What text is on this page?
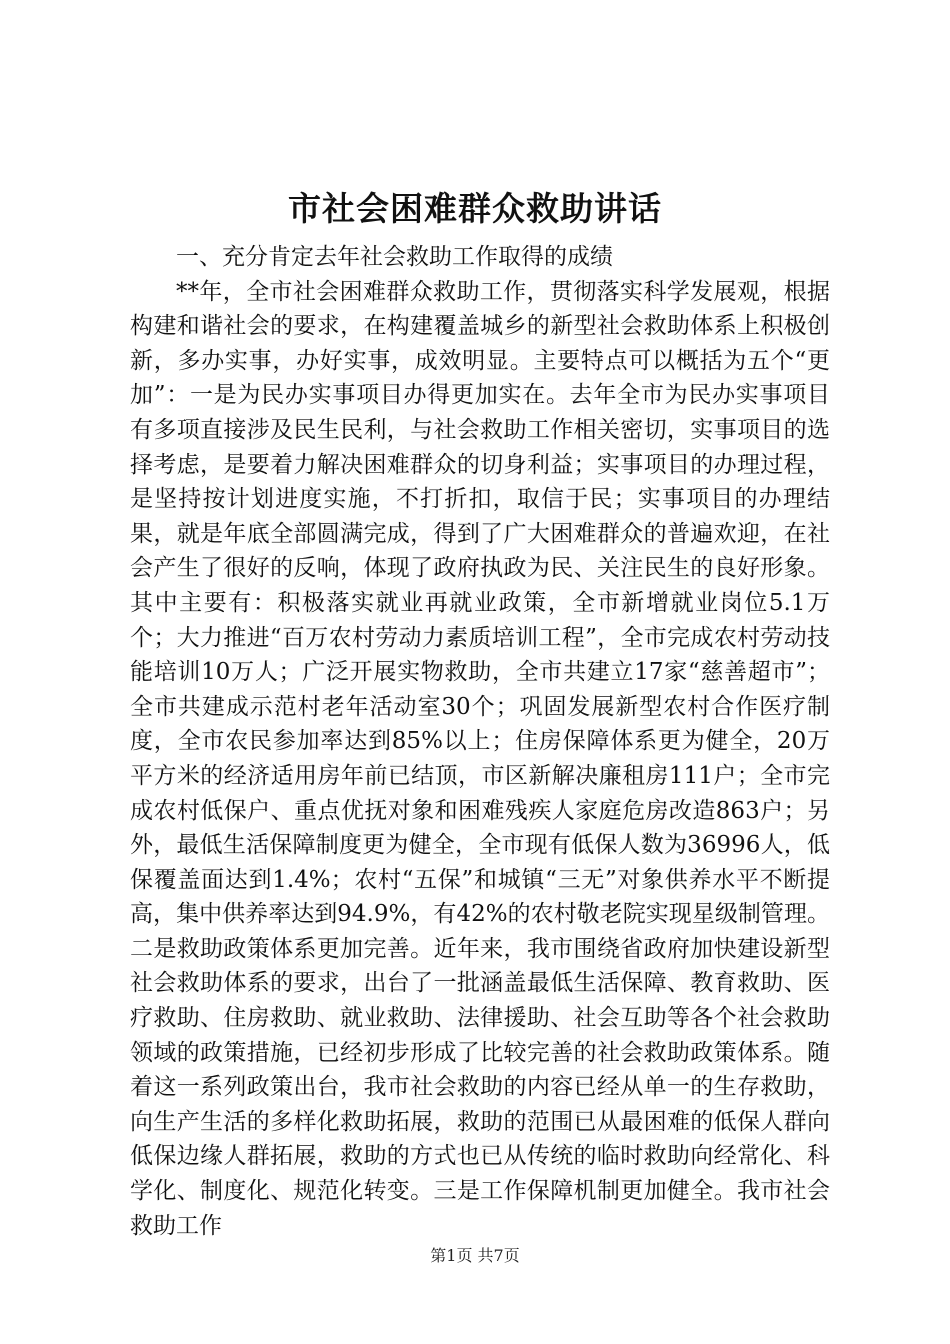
市社会困难群众救助讲话

一、充分肯定去年社会救助工作取得的成绩

**年，全市社会困难群众救助工作，贯彻落实科学发展观，根据构建和谐社会的要求，在构建覆盖城乡的新型社会救助体系上积极创新，多办实事，办好实事，成效明显。主要特点可以概括为五个“更加”：一是为民办实事项目办得更加实在。去年全市为民办实事项目有多项直接涉及民生民利，与社会救助工作相关密切，实事项目的选择考虑，是要着力解决困难群众的切身利益；实事项目的办理过程，是坚持按计划进度实施，不打折扣，取信于民；实事项目的办理结果，就是年底全部圆满完成，得到了广大困难群众的普遍欢迎，在社会产生了很好的反响，体现了政府执政为民、关注民生的良好形象。其中主要有：积极落实就业再就业政策，全市新增就业岗位5.1万个；大力推进“百万农村劳动力素质培训工程”，全市完成农村劳动技能培训10万人；广泛开展实物救助，全市共建立17家“慈善超市”；全市共建成示范村老年活动室30个；巩固发展新型农村合作医疗制度，全市农民参加率达到85%以上；住房保障体系更为健全，20万平方米的经济适用房年前已结顶，市区新解决廉租房111户；全市完成农村低保户、重点优抚对象和困难残疾人家庭危房改造863户；另外，最低生活保障制度更为健全，全市现有低保人数为36996人，低保覆盖面达到1.4%；农村“五保”和城镇“三无”对象供养水平不断提高，集中供养率达到94.9%，有42%的农村敬老院实现星级制管理。二是救助政策体系更加完善。近年来，我市围绕省政府加快建设新型社会救助体系的要求，出台了一批涵盖最低生活保障、教育救助、医疗救助、住房救助、就业救助、法律援助、社会互助等各个社会救助领域的政策措施，已经初步形成了比较完善的社会救助政策体系。随着这一系列政策出台，我市社会救助的内容已经从单一的生存救助，向生产生活的多样化救助拓展，救助的范围已从最困难的低保人群向低保边缘人群拓展，救助的方式也已从传统的临时救助向经常化、科学化、制度化、规范化转变。三是工作保障机制更加健全。我市社会救助工作

第1页 共7页
